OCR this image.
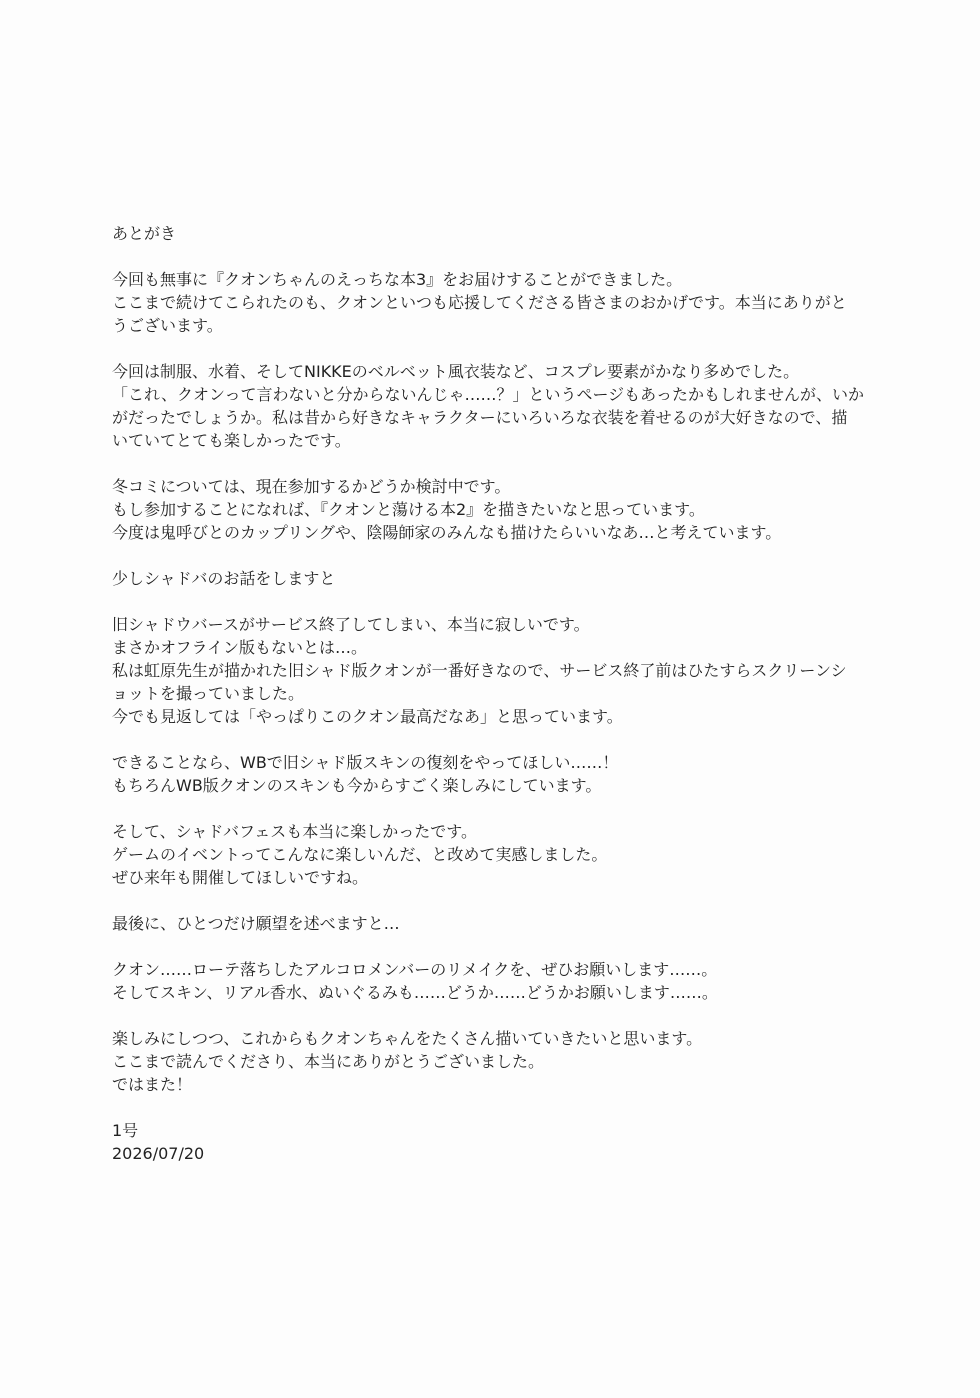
あとがき
今回も無事に『クオンちゃんのえっちな本3』をお届けすることができました。
ここまで続けてこられたのも、クオンといつも応援してくださる皆さまのおかげです。本当にありがと
うございます。
今回は制服、水着、そしてNIKKEのベルベット風衣装など、コスプレ要素がかなり多めでした。
「これ、クオンって言わないと分からないんじゃ……？」というページもあったかもしれませんが、いか
がだったでしょうか。私は昔から好きなキャラクターにいろいろな衣装を着せるのが大好きなので、描
いていてとても楽しかったです。
冬コミについては、現在参加するかどうか検討中です。
もし参加することになれば、『クオンと蕩ける本2』を描きたいなと思っています。
今度は鬼呼びとのカップリングや、陰陽師家のみんなも描けたらいいなあ…と考えています。
少しシャドバのお話をしますと
旧シャドウバースがサービス終了してしまい、本当に寂しいです。
まさかオフライン版もないとは…。
私は虹原先生が描かれた旧シャド版クオンが一番好きなので、サービス終了前はひたすらスクリーンシ
ョットを撮っていました。
今でも見返しては「やっぱりこのクオン最高だなあ」と思っています。
できることなら、WBで旧シャド版スキンの復刻をやってほしい……！
もちろんWB版クオンのスキンも今からすごく楽しみにしています。
そして、シャドバフェスも本当に楽しかったです。
ゲームのイベントってこんなに楽しいんだ、と改めて実感しました。
ぜひ来年も開催してほしいですね。
最後に、ひとつだけ願望を述べますと…
クオン……ローテ落ちしたアルコロメンバーのリメイクを、ぜひお願いします……。
そしてスキン、リアル香水、ぬいぐるみも……どうか……どうかお願いします……。
楽しみにしつつ、これからもクオンちゃんをたくさん描いていきたいと思います。
ここまで読んでくださり、本当にありがとうございました。
ではまた！
1号
2026/07/20
